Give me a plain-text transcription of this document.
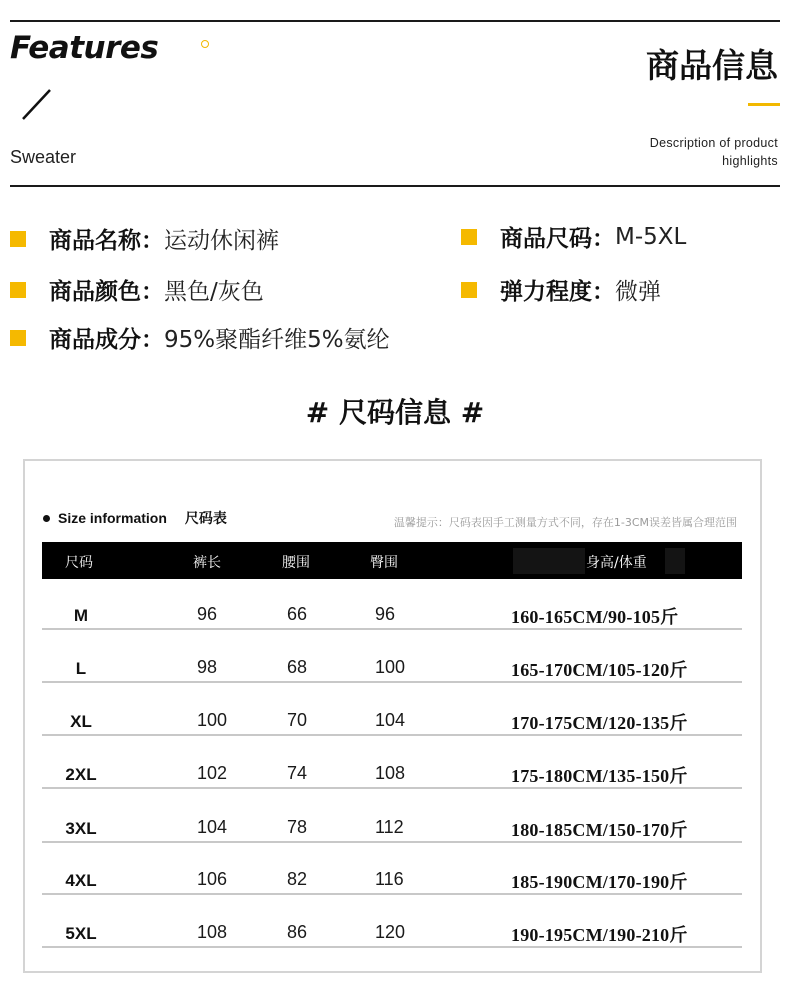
Features
Sweater
商品信息
Description of product
highlights
商品名称： 运动休闲裤	商品尺码： M-5XL
商品颜色： 黑色/灰色	弹力程度： 微弹
商品成分： 95%聚酯纤维5%氨纶
# 尺码信息 #
Size information 尺码表	温馨提示：尺码表因手工测量方式不同，存在1-3CM误差皆属合理范围
尺码	裤长	腰围	臀围	身高/体重
M	96	66	96	160-165CM/90-105斤
L	98	68	100	165-170CM/105-120斤
XL	100	70	104	170-175CM/120-135斤
2XL	102	74	108	175-180CM/135-150斤
3XL	104	78	112	180-185CM/150-170斤
4XL	106	82	116	185-190CM/170-190斤
5XL	108	86	120	190-195CM/190-210斤
